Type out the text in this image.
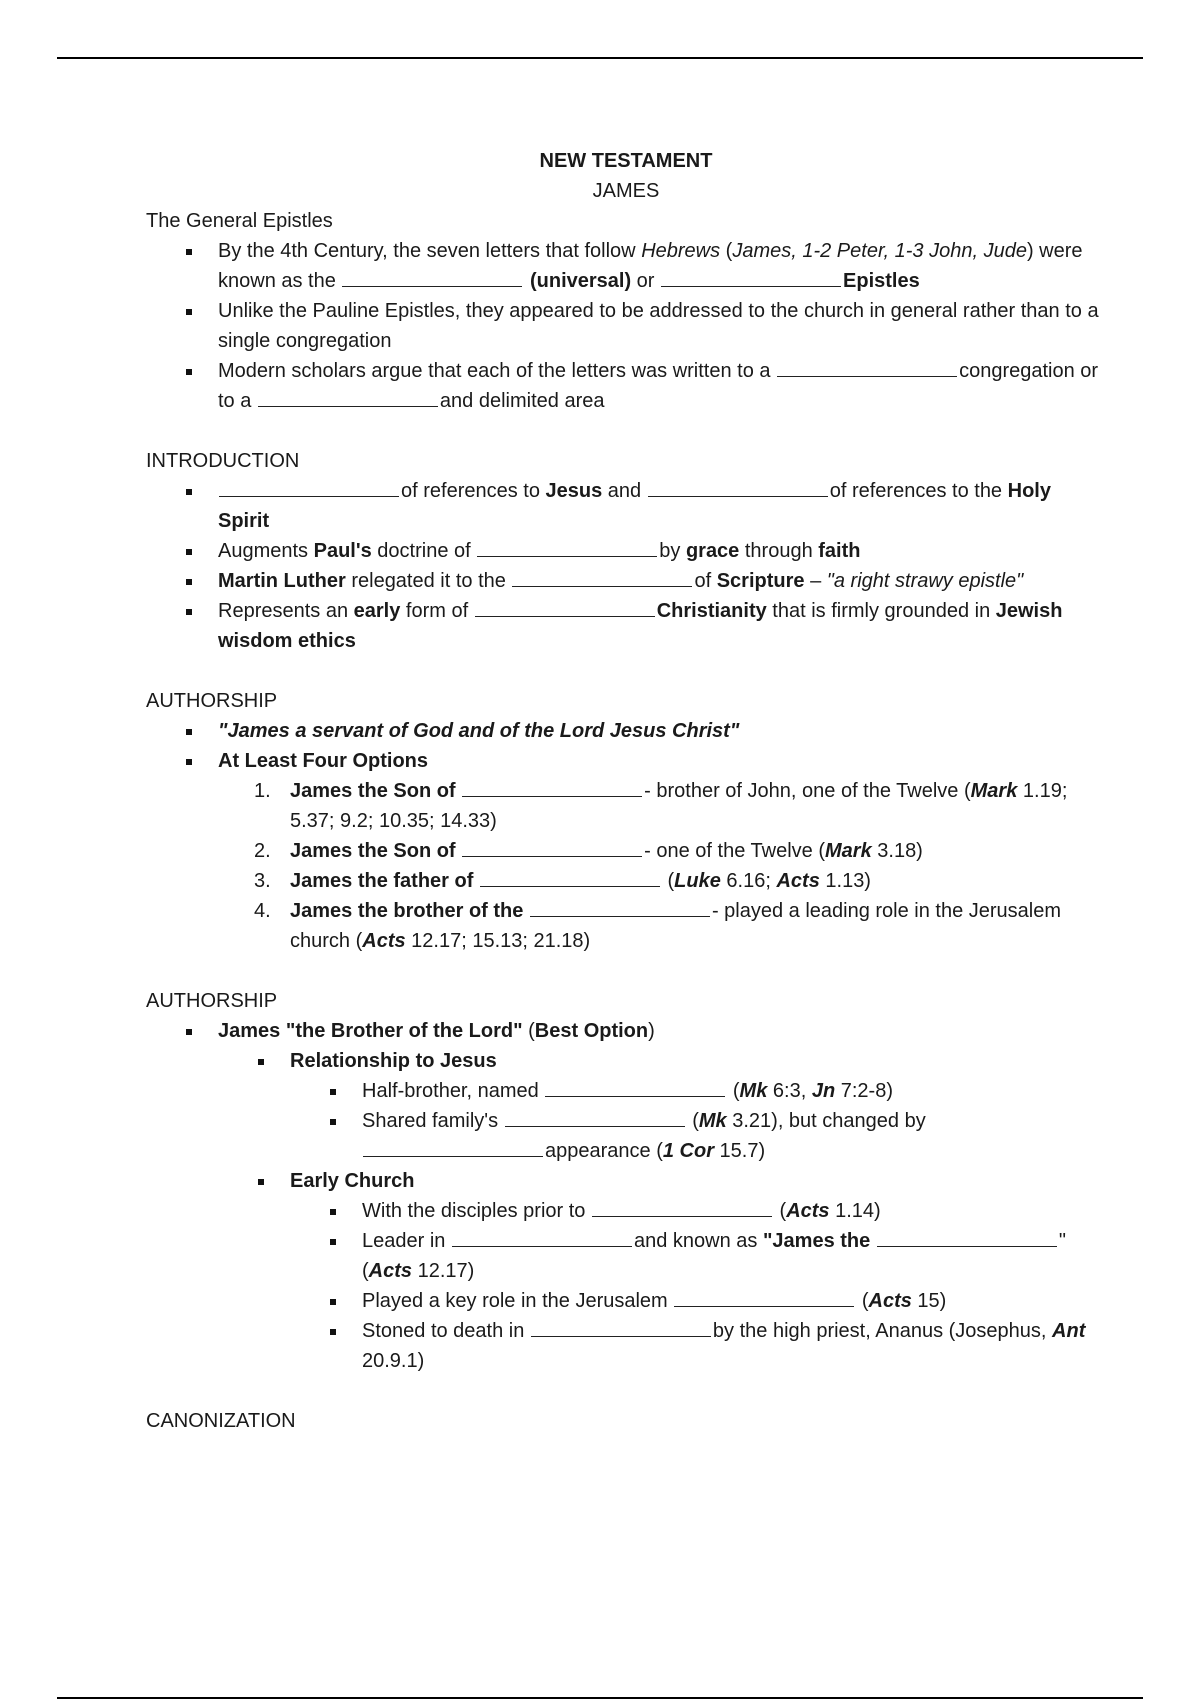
NEW TESTAMENT
JAMES
The General Epistles
By the 4th Century, the seven letters that follow Hebrews (James, 1-2 Peter, 1-3 John, Jude) were known as the	(universal) or	Epistles
Unlike the Pauline Epistles, they appeared to be addressed to the church in general rather than to a single congregation
Modern scholars argue that each of the letters was written to a	congregation or to a	and delimited area
INTRODUCTION
of references to Jesus and	of references to the Holy Spirit
Augments Paul's doctrine of	by grace through faith
Martin Luther relegated it to the	of Scripture – "a right strawy epistle"
Represents an early form of	Christianity that is firmly grounded in Jewish wisdom ethics
AUTHORSHIP
"James a servant of God and of the Lord Jesus Christ"
At Least Four Options
1. James the Son of	- brother of John, one of the Twelve (Mark 1.19; 5.37; 9.2; 10.35; 14.33)
2. James the Son of	- one of the Twelve (Mark 3.18)
3. James the father of	(Luke 6.16; Acts 1.13)
4. James the brother of the	- played a leading role in the Jerusalem church (Acts 12.17; 15.13; 21.18)
AUTHORSHIP
James "the Brother of the Lord" (Best Option)
Relationship to Jesus
Half-brother, named	(Mk 6:3, Jn 7:2-8)
Shared family's	(Mk 3.21), but changed by appearance (1 Cor 15.7)
Early Church
With the disciples prior to	(Acts 1.14)
Leader in	and known as "James the	" (Acts 12.17)
Played a key role in the Jerusalem	(Acts 15)
Stoned to death in	by the high priest, Ananus (Josephus, Ant 20.9.1)
CANONIZATION
